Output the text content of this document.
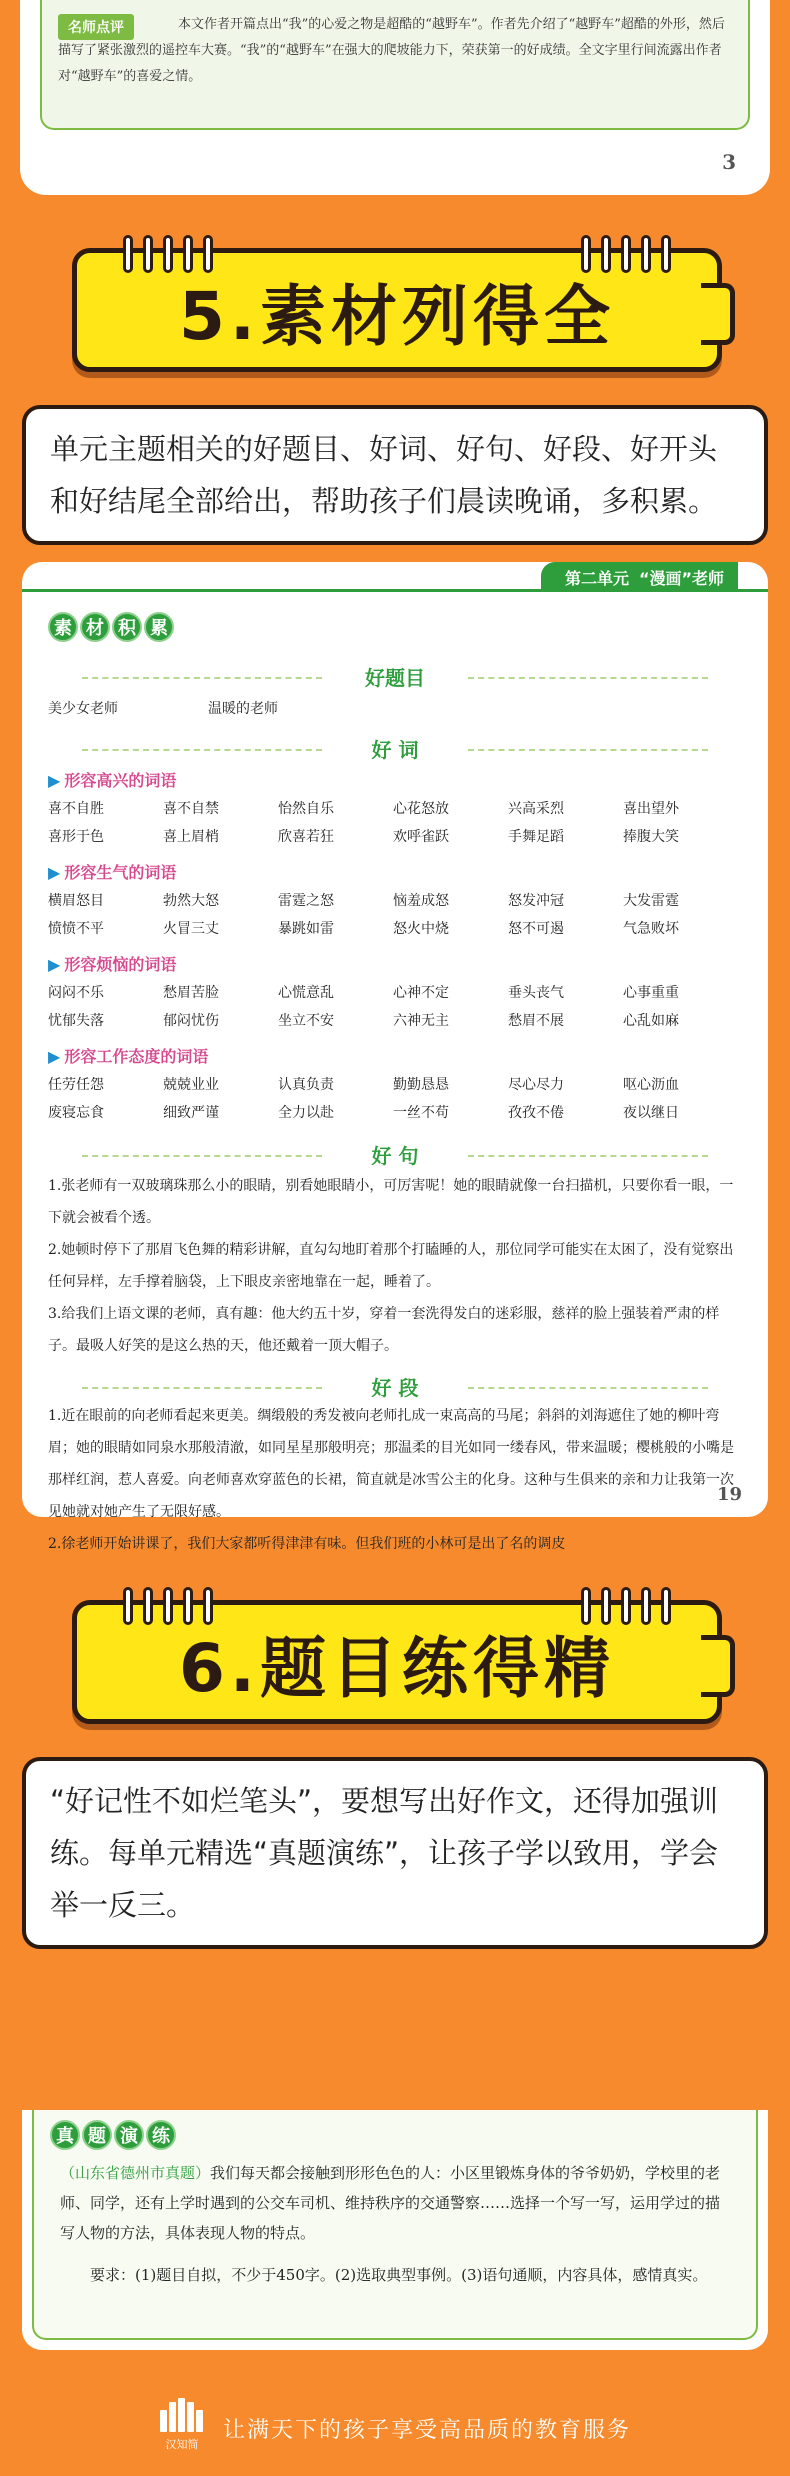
名师点评	本文作者开篇点出“我”的心爱之物是超酷的“越野车”。作者先介绍了“越野车”超酷的外形，然后描写了紧张激烈的遥控车大赛。“我”的“越野车”在强大的爬坡能力下，荣获第一的好成绩。全文字里行间流露出作者对“越野车”的喜爱之情。
3
5.素材列得全
单元主题相关的好题目、好词、好句、好段、好开头和好结尾全部给出，帮助孩子们晨读晚诵，多积累。
第二单元 “漫画”老师
素 材 积 累
好题目
美少女老师	温暖的老师
好 词
▶ 形容高兴的词语
喜不自胜	喜不自禁	怡然自乐	心花怒放	兴高采烈	喜出望外
喜形于色	喜上眉梢	欣喜若狂	欢呼雀跃	手舞足蹈	捧腹大笑
▶ 形容生气的词语
横眉怒目	勃然大怒	雷霆之怒	恼羞成怒	怒发冲冠	大发雷霆
愤愤不平	火冒三丈	暴跳如雷	怒火中烧	怒不可遏	气急败坏
▶ 形容烦恼的词语
闷闷不乐	愁眉苦脸	心慌意乱	心神不定	垂头丧气	心事重重
忧郁失落	郁闷忧伤	坐立不安	六神无主	愁眉不展	心乱如麻
▶ 形容工作态度的词语
任劳任怨	兢兢业业	认真负责	勤勤恳恳	尽心尽力	呕心沥血
废寝忘食	细致严谨	全力以赴	一丝不苟	孜孜不倦	夜以继日
好 句

1.张老师有一双玻璃珠那么小的眼睛，别看她眼睛小，可厉害呢！她的眼睛就像一台扫描机，只要你看一眼，一下就会被看个透。

2.她顿时停下了那眉飞色舞的精彩讲解，直勾勾地盯着那个打瞌睡的人，那位同学可能实在太困了，没有觉察出任何异样，左手撑着脑袋，上下眼皮亲密地靠在一起，睡着了。

3.给我们上语文课的老师，真有趣：他大约五十岁，穿着一套洗得发白的迷彩服，慈祥的脸上强装着严肃的样子。最吸人好笑的是这么热的天，他还戴着一顶大帽子。

好 段

1.近在眼前的向老师看起来更美。绸缎般的秀发被向老师扎成一束高高的马尾；斜斜的刘海遮住了她的柳叶弯眉；她的眼睛如同泉水那般清澈，如同星星那般明亮；那温柔的目光如同一缕春风，带来温暖；樱桃般的小嘴是那样红润，惹人喜爱。向老师喜欢穿蓝色的长裙，简直就是冰雪公主的化身。这种与生俱来的亲和力让我第一次见她就对她产生了无限好感。

2.徐老师开始讲课了，我们大家都听得津津有味。但我们班的小林可是出了名的调皮

19
6.题目练得精
“好记性不如烂笔头”，要想写出好作文，还得加强训练。每单元精选“真题演练”，让孩子学以致用，学会举一反三。
真 题 演 练
（山东省德州市真题）我们每天都会接触到形形色色的人：小区里锻炼身体的爷爷奶奶，学校里的老师、同学，还有上学时遇到的公交车司机、维持秩序的交通警察……选择一个写一写，运用学过的描写人物的方法，具体表现人物的特点。
要求：(1)题目自拟，不少于450字。(2)选取典型事例。(3)语句通顺，内容具体，感情真实。
汉知简
让满天下的孩子享受高品质的教育服务
